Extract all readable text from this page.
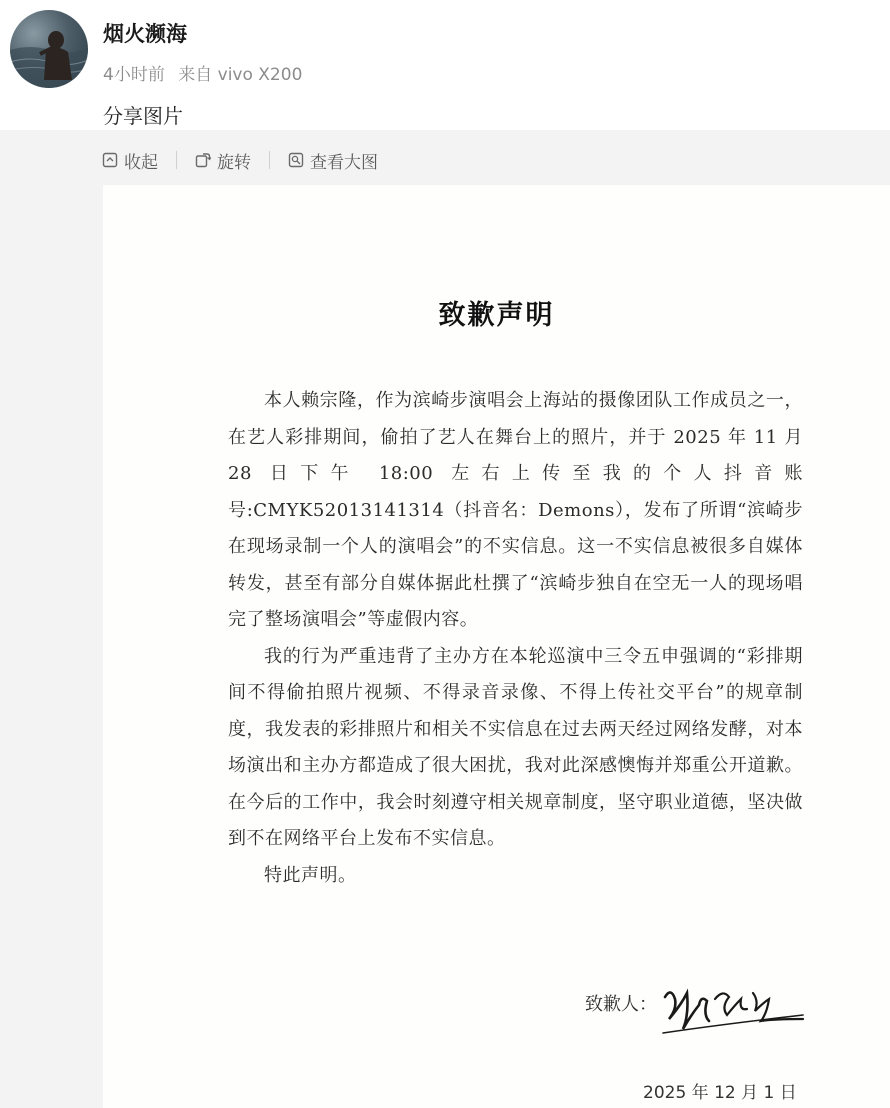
烟火濒海
4小时前 来自 vivo X200
分享图片
收起	旋转	查看大图
致歉声明

本人赖宗隆，作为滨崎步演唱会上海站的摄像团队工作成员之一，在艺人彩排期间，偷拍了艺人在舞台上的照片，并于 2025 年 11 月 28 日下午 18:00 左右上传至我的个人抖音账号:CMYK52013141314（抖音名：Demons），发布了所谓“滨崎步在现场录制一个人的演唱会”的不实信息。这一不实信息被很多自媒体转发，甚至有部分自媒体据此杜撰了“滨崎步独自在空无一人的现场唱完了整场演唱会”等虚假内容。

我的行为严重违背了主办方在本轮巡演中三令五申强调的“彩排期间不得偷拍照片视频、不得录音录像、不得上传社交平台”的规章制度，我发表的彩排照片和相关不实信息在过去两天经过网络发酵，对本场演出和主办方都造成了很大困扰，我对此深感懊悔并郑重公开道歉。在今后的工作中，我会时刻遵守相关规章制度，坚守职业道德，坚决做到不在网络平台上发布不实信息。

特此声明。

致歉人：
2025 年 12 月 1 日
